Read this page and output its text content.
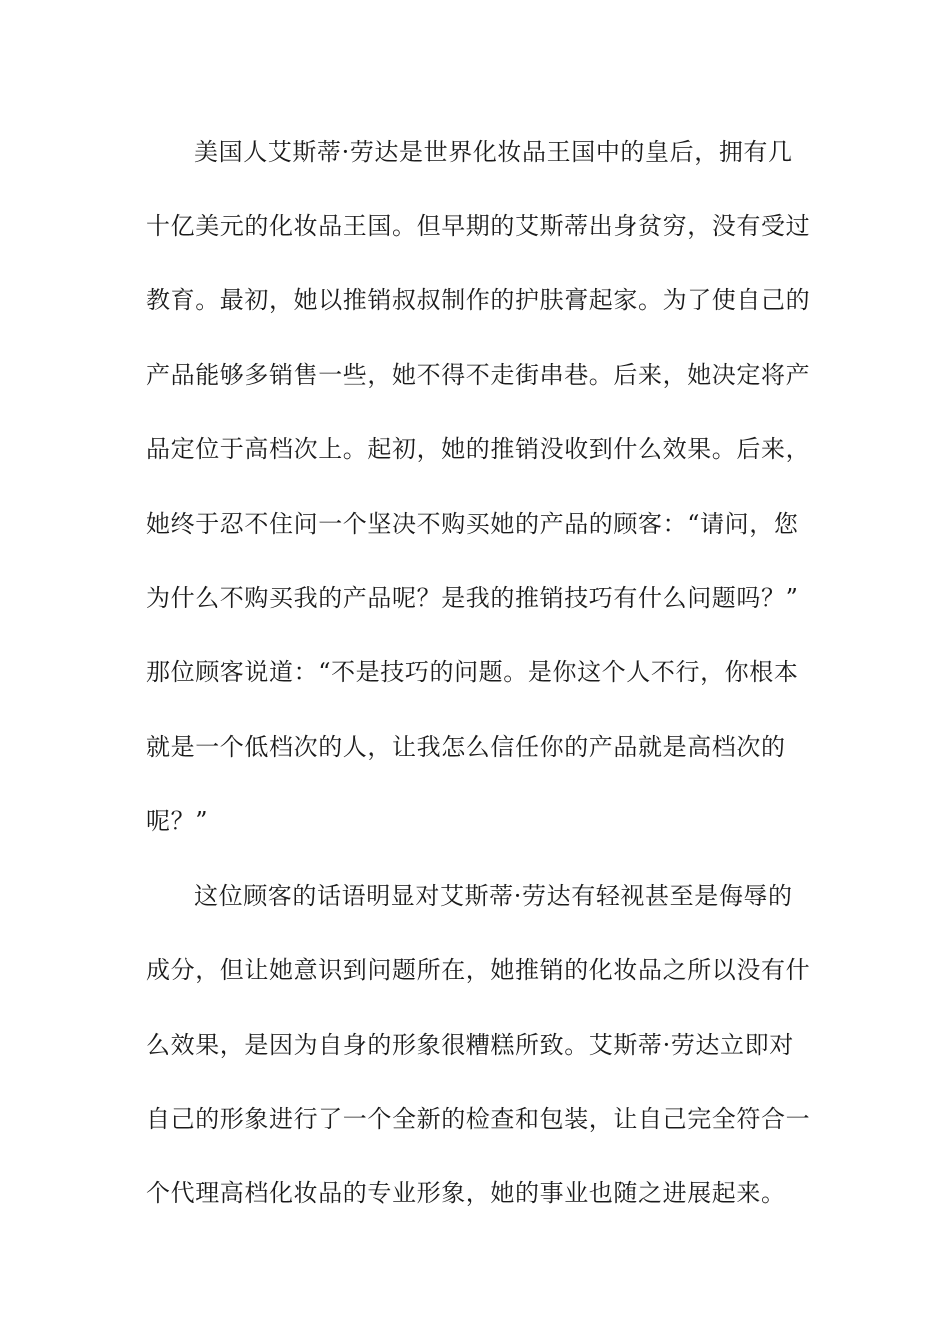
美国人艾斯蒂·劳达是世界化妆品王国中的皇后，拥有几
十亿美元的化妆品王国。但早期的艾斯蒂出身贫穷，没有受过
教育。最初，她以推销叔叔制作的护肤膏起家。为了使自己的
产品能够多销售一些，她不得不走街串巷。后来，她决定将产
品定位于高档次上。起初，她的推销没收到什么效果。后来，
她终于忍不住问一个坚决不购买她的产品的顾客：“请问，您
为什么不购买我的产品呢？是我的推销技巧有什么问题吗？”
那位顾客说道：“不是技巧的问题。是你这个人不行，你根本
就是一个低档次的人，让我怎么信任你的产品就是高档次的
呢？”
这位顾客的话语明显对艾斯蒂·劳达有轻视甚至是侮辱的
成分，但让她意识到问题所在，她推销的化妆品之所以没有什
么效果，是因为自身的形象很糟糕所致。艾斯蒂·劳达立即对
自己的形象进行了一个全新的检查和包装，让自己完全符合一
个代理高档化妆品的专业形象，她的事业也随之进展起来。
